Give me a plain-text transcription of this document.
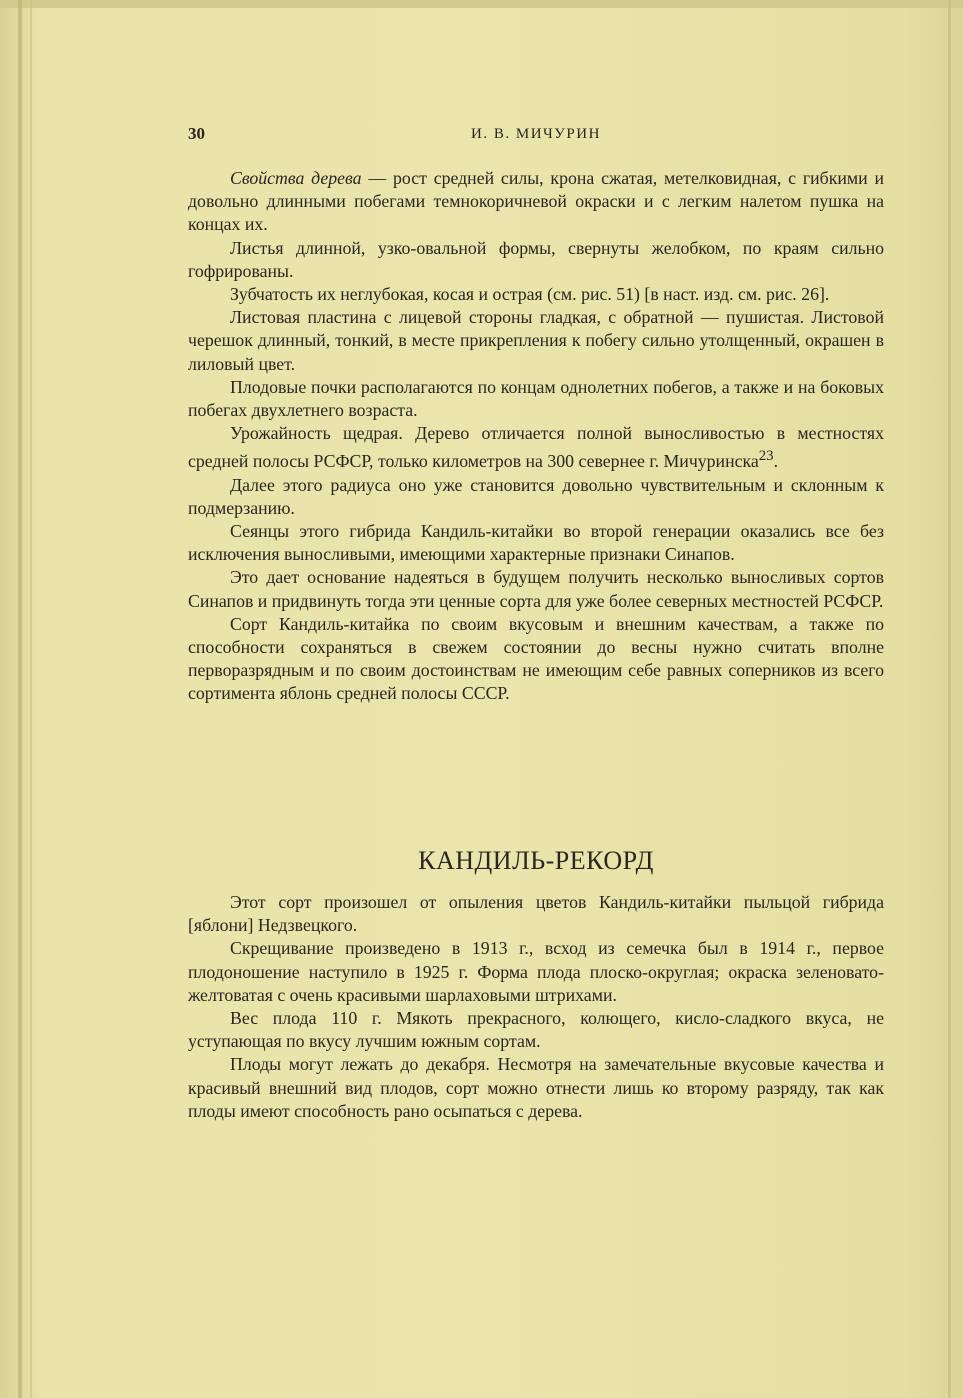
30	И. В. МИЧУРИН

Свойства дерева — рост средней силы, крона сжатая, метелковидная, с гибкими и довольно длинными побегами темнокоричневой окраски и с легким налетом пушка на концах их.

Листья длинной, узко-овальной формы, свернуты желобком, по краям сильно гофрированы.

Зубчатость их неглубокая, косая и острая (см. рис. 51) [в наст. изд. см. рис. 26].

Листовая пластина с лицевой стороны гладкая, с обратной — пушистая. Листовой черешок длинный, тонкий, в месте прикрепления к побегу сильно утолщенный, окрашен в лиловый цвет.

Плодовые почки располагаются по концам однолетних побегов, а также и на боковых побегах двухлетнего возраста.

Урожайность щедрая. Дерево отличается полной выносливостью в местностях средней полосы РСФСР, только километров на 300 севернее г. Мичуринска$^{23}$.

Далее этого радиуса оно уже становится довольно чувствительным и склонным к подмерзанию.

Сеянцы этого гибрида Кандиль-китайки во второй генерации оказались все без исключения выносливыми, имеющими характерные признаки Синапов.

Это дает основание надеяться в будущем получить несколько выносливых сортов Синапов и придвинуть тогда эти ценные сорта для уже более северных местностей РСФСР.

Сорт Кандиль-китайка по своим вкусовым и внешним качествам, а также по способности сохраняться в свежем состоянии до весны нужно считать вполне перворазрядным и по своим достоинствам не имеющим себе равных соперников из всего сортимента яблонь средней полосы СССР.

КАНДИЛЬ-РЕКОРД

Этот сорт произошел от опыления цветов Кандиль-китайки пыльцой гибрида [яблони] Недзвецкого.

Скрещивание произведено в 1913 г., всход из семечка был в 1914 г., первое плодоношение наступило в 1925 г. Форма плода плоско-округлая; окраска зеленовато-желтоватая с очень красивыми шарлаховыми штрихами.

Вес плода 110 г. Мякоть прекрасного, колющего, кисло-сладкого вкуса, не уступающая по вкусу лучшим южным сортам.

Плоды могут лежать до декабря. Несмотря на замечательные вкусовые качества и красивый внешний вид плодов, сорт можно отнести лишь ко второму разряду, так как плоды имеют способность рано осыпаться с дерева.
